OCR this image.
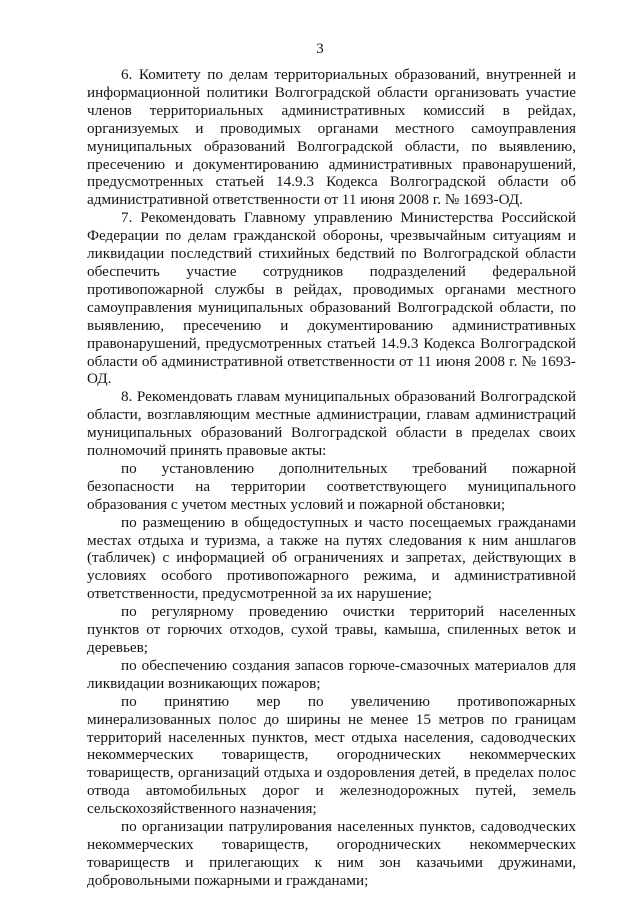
3

6. Комитету по делам территориальных образований, внутренней и информационной политики Волгоградской области организовать участие членов территориальных административных комиссий в рейдах, организуемых и проводимых органами местного самоуправления муниципальных образований Волгоградской области, по выявлению, пресечению и документированию административных правонарушений, предусмотренных статьей 14.9.3 Кодекса Волгоградской области об административной ответственности от 11 июня 2008 г. № 1693-ОД.

7. Рекомендовать Главному управлению Министерства Российской Федерации по делам гражданской обороны, чрезвычайным ситуациям и ликвидации последствий стихийных бедствий по Волгоградской области обеспечить участие сотрудников подразделений федеральной противопожарной службы в рейдах, проводимых органами местного самоуправления муниципальных образований Волгоградской области, по выявлению, пресечению и документированию административных правонарушений, предусмотренных статьей 14.9.3 Кодекса Волгоградской области об административной ответственности от 11 июня 2008 г. № 1693-ОД.

8. Рекомендовать главам муниципальных образований Волгоградской области, возглавляющим местные администрации, главам администраций муниципальных образований Волгоградской области в пределах своих полномочий принять правовые акты:

по установлению дополнительных требований пожарной безопасности на территории соответствующего муниципального образования с учетом местных условий и пожарной обстановки;

по размещению в общедоступных и часто посещаемых гражданами местах отдыха и туризма, а также на путях следования к ним аншлагов (табличек) с информацией об ограничениях и запретах, действующих в условиях особого противопожарного режима, и административной ответственности, предусмотренной за их нарушение;

по регулярному проведению очистки территорий населенных пунктов от горючих отходов, сухой травы, камыша, спиленных веток и деревьев;

по обеспечению создания запасов горюче-смазочных материалов для ликвидации возникающих пожаров;

по принятию мер по увеличению противопожарных минерализованных полос до ширины не менее 15 метров по границам территорий населенных пунктов, мест отдыха населения, садоводческих некоммерческих товариществ, огороднических некоммерческих товариществ, организаций отдыха и оздоровления детей, в пределах полос отвода автомобильных дорог и железнодорожных путей, земель сельскохозяйственного назначения;

по организации патрулирования населенных пунктов, садоводческих некоммерческих товариществ, огороднических некоммерческих товариществ и прилегающих к ним зон казачьими дружинами, добровольными пожарными и гражданами;
